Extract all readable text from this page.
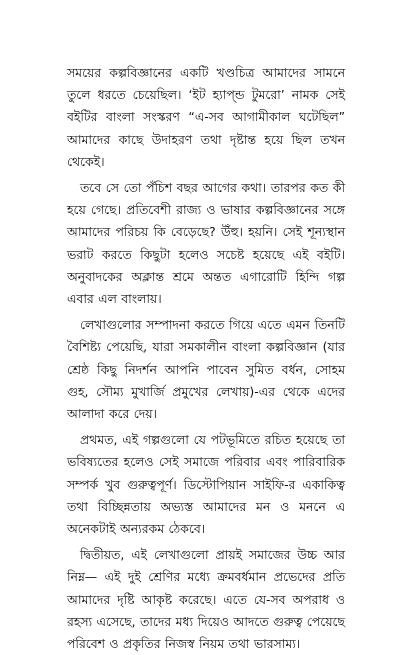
সময়ের কল্পবিজ্ঞানের একটি খণ্ডচিত্র আমাদের সামনে তুলে ধরতে চেয়েছিল। ‘ইট হ্যাপ্‌ন্ড টুমরো’ নামক সেই বইটির বাংলা সংস্করণ “এ-সব আগামীকাল ঘটেছিল” আমাদের কাছে উদাহরণ তথা দৃষ্টান্ত হয়ে ছিল তখন থেকেই।

তবে সে তো পঁচিশ বছর আগের কথা। তারপর কত কী হয়ে গেছে। প্রতিবেশী রাজ্য ও ভাষার কল্পবিজ্ঞানের সঙ্গে আমাদের পরিচয় কি বেড়েছে? উঁহু। হয়নি। সেই শূন্যস্থান ভরাট করতে কিছুটা হলেও সচেষ্ট হয়েছে এই বইটি। অনুবাদকের অক্লান্ত শ্রমে অন্তত এগারোটি হিন্দি গল্প এবার এল বাংলায়।

লেখাগুলোর সম্পাদনা করতে গিয়ে এতে এমন তিনটি বৈশিষ্ট্য পেয়েছি, যারা সমকালীন বাংলা কল্পবিজ্ঞান (যার শ্রেষ্ঠ কিছু নিদর্শন আপনি পাবেন সুমিত বর্ধন, সোহম গুহ, সৌম্য মুখার্জি প্রমুখের লেখায়)-এর থেকে এদের আলাদা করে দেয়।

প্রথমত, এই গল্পগুলো যে পটভূমিতে রচিত হয়েছে তা ভবিষ্যতের হলেও সেই সমাজে পরিবার এবং পারিবারিক সম্পর্ক খুব গুরুত্বপূর্ণ। ডিস্টোপিয়ান সাইফি-র একাকিত্ব তথা বিচ্ছিন্নতায় অভ্যস্ত আমাদের মন ও মননে এ অনেকটাই অন্যরকম ঠেকবে।

দ্বিতীয়ত, এই লেখাগুলো প্রায়ই সমাজের উচ্চ আর নিম্ন— এই দুই শ্রেণির মধ্যে ক্রমবর্ধমান প্রভেদের প্রতি আমাদের দৃষ্টি আকৃষ্ট করেছে। এতে যে-সব অপরাধ ও রহস্য এসেছে, তাদের মধ্য দিয়েও আদতে গুরুত্ব পেয়েছে পরিবেশ ও প্রকৃতির নিজস্ব নিয়ম তথা ভারসাম্য।
